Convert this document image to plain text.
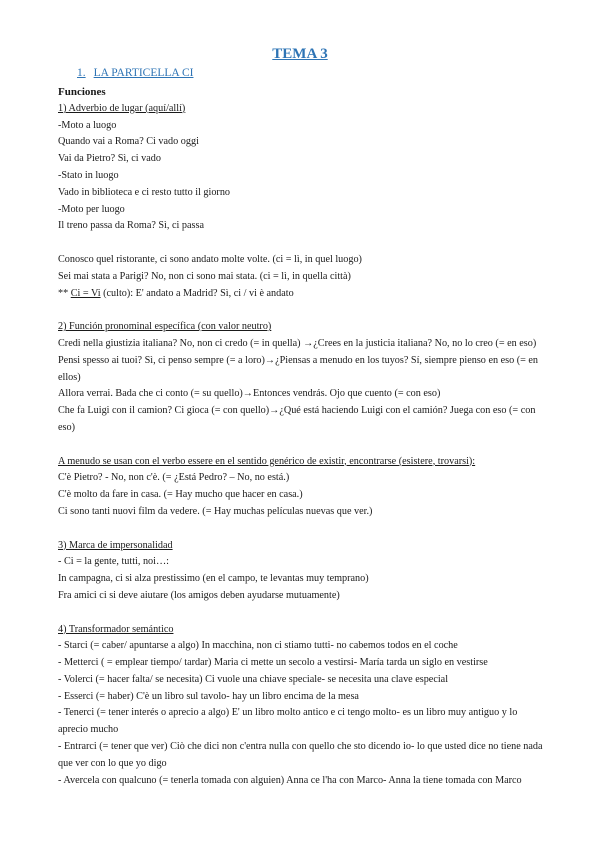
TEMA 3
1. LA PARTICELLA CI

Funciones

1) Adverbio de lugar (aquí/allí)

-Moto a luogo

Quando vai a Roma? Ci vado oggi

Vai da Pietro? Sì, ci vado

-Stato in luogo

Vado in biblioteca e ci resto tutto il giorno

-Moto per luogo

Il treno passa da Roma? Sì, ci passa

Conosco quel ristorante, ci sono andato molte volte. (ci = lì, in quel luogo)

Sei mai stata a Parigi? No, non ci sono mai stata. (ci = lì, in quella città)

** Ci = Vi (culto): E' andato a Madrid? Sì, ci / vi è andato

2) Función pronominal específica (con valor neutro)

Credi nella giustizia italiana? No, non ci credo (= in quella) →¿Crees en la justicia italiana? No, no lo creo (= en eso)

Pensi spesso ai tuoi? Sì, ci penso sempre (= a loro)→¿Piensas a menudo en los tuyos? Sí, siempre pienso en eso (= en ellos)

Allora verrai. Bada che ci conto (= su quello)→Entonces vendrás. Ojo que cuento (= con eso)

Che fa Luigi con il camion? Ci gioca (= con quello)→¿Qué está haciendo Luigi con el camión? Juega con eso (= con eso)

A menudo se usan con el verbo essere en el sentido genérico de existir, encontrarse (esistere, trovarsi):

C'è Pietro? - No, non c'è. (= ¿Está Pedro? – No, no está.)

C'è molto da fare in casa. (= Hay mucho que hacer en casa.)

Ci sono tanti nuovi film da vedere. (= Hay muchas películas nuevas que ver.)

3) Marca de impersonalidad

- Ci = la gente, tutti, noi…:

In campagna, ci si alza prestissimo (en el campo, te levantas muy temprano)

Fra amici ci si deve aiutare (los amigos deben ayudarse mutuamente)

4) Transformador semántico

- Starci (= caber/ apuntarse a algo) In macchina, non ci stiamo tutti- no cabemos todos en el coche

- Metterci ( = emplear tiempo/ tardar) Maria ci mette un secolo a vestirsi- María tarda un siglo en vestirse

- Volerci (= hacer falta/ se necesita) Ci vuole una chiave speciale- se necesita una clave especial

- Esserci (= haber) C'è un libro sul tavolo- hay un libro encima de la mesa

- Tenerci (= tener interés o aprecio a algo) E' un libro molto antico e ci tengo molto- es un libro muy antiguo y lo aprecio mucho

- Entrarci (= tener que ver) Ciò che dici non c'entra nulla con quello che sto dicendo io- lo que usted dice no tiene nada que ver con lo que yo digo

- Avercela con qualcuno (= tenerla tomada con alguien) Anna ce l'ha con Marco- Anna la tiene tomada con Marco
